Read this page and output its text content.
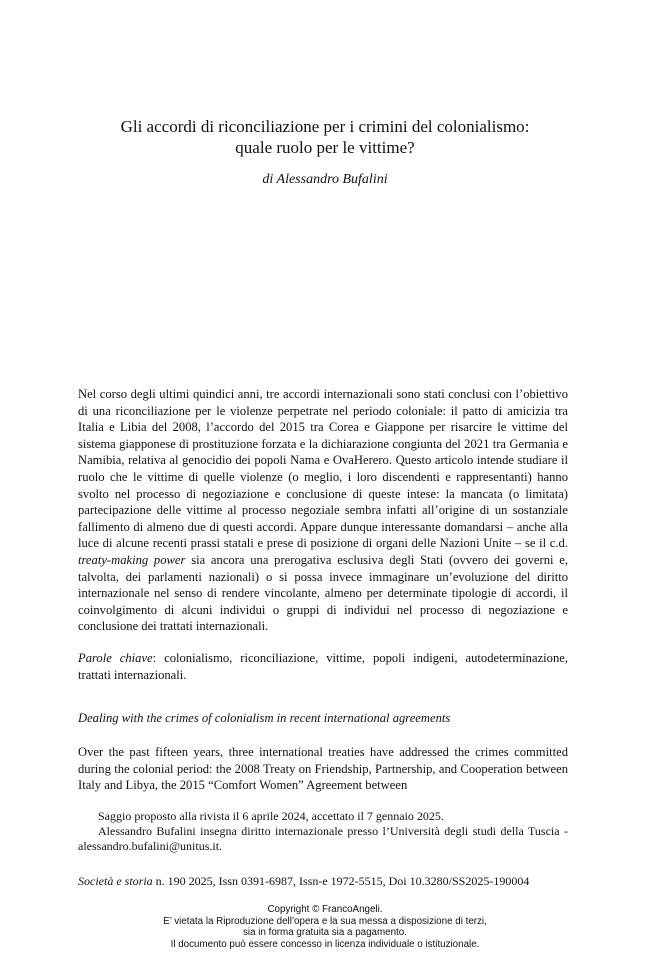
Gli accordi di riconciliazione per i crimini del colonialismo:
quale ruolo per le vittime?
di Alessandro Bufalini

Nel corso degli ultimi quindici anni, tre accordi internazionali sono stati conclusi con l’obiettivo di una riconciliazione per le violenze perpetrate nel periodo coloniale: il patto di amicizia tra Italia e Libia del 2008, l’accordo del 2015 tra Corea e Giappone per risarcire le vittime del sistema giapponese di prostituzione forzata e la dichiarazione congiunta del 2021 tra Germania e Namibia, relativa al genocidio dei popoli Nama e OvaHerero. Questo articolo intende studiare il ruolo che le vittime di quelle violenze (o meglio, i loro discendenti e rappresentanti) hanno svolto nel processo di negoziazione e conclusione di queste intese: la mancata (o limitata) partecipazione delle vittime al processo negoziale sembra infatti all’origine di un sostanziale fallimento di almeno due di questi accordi. Appare dunque interessante domandarsi – anche alla luce di alcune recenti prassi statali e prese di posizione di organi delle Nazioni Unite – se il c.d. treaty-making power sia ancora una prerogativa esclusiva degli Stati (ovvero dei governi e, talvolta, dei parlamenti nazionali) o si possa invece immaginare un’evoluzione del diritto internazionale nel senso di rendere vincolante, almeno per determinate tipologie di accordi, il coinvolgimento di alcuni individui o gruppi di individui nel processo di negoziazione e conclusione dei trattati internazionali.

Parole chiave: colonialismo, riconciliazione, vittime, popoli indigeni, autodeterminazione, trattati internazionali.
Dealing with the crimes of colonialism in recent international agreements
Over the past fifteen years, three international treaties have addressed the crimes committed during the colonial period: the 2008 Treaty on Friendship, Partnership, and Cooperation between Italy and Libya, the 2015 “Comfort Women” Agreement between

Saggio proposto alla rivista il 6 aprile 2024, accettato il 7 gennaio 2025.

Alessandro Bufalini insegna diritto internazionale presso l’Università degli studi della Tuscia - alessandro.bufalini@unitus.it.

Società e storia n. 190 2025, Issn 0391-6987, Issn-e 1972-5515, Doi 10.3280/SS2025-190004
Copyright © FrancoAngeli.
E’ vietata la Riproduzione dell’opera e la sua messa a disposizione di terzi,
sia in forma gratuita sia a pagamento.
Il documento può essere concesso in licenza individuale o istituzionale.
